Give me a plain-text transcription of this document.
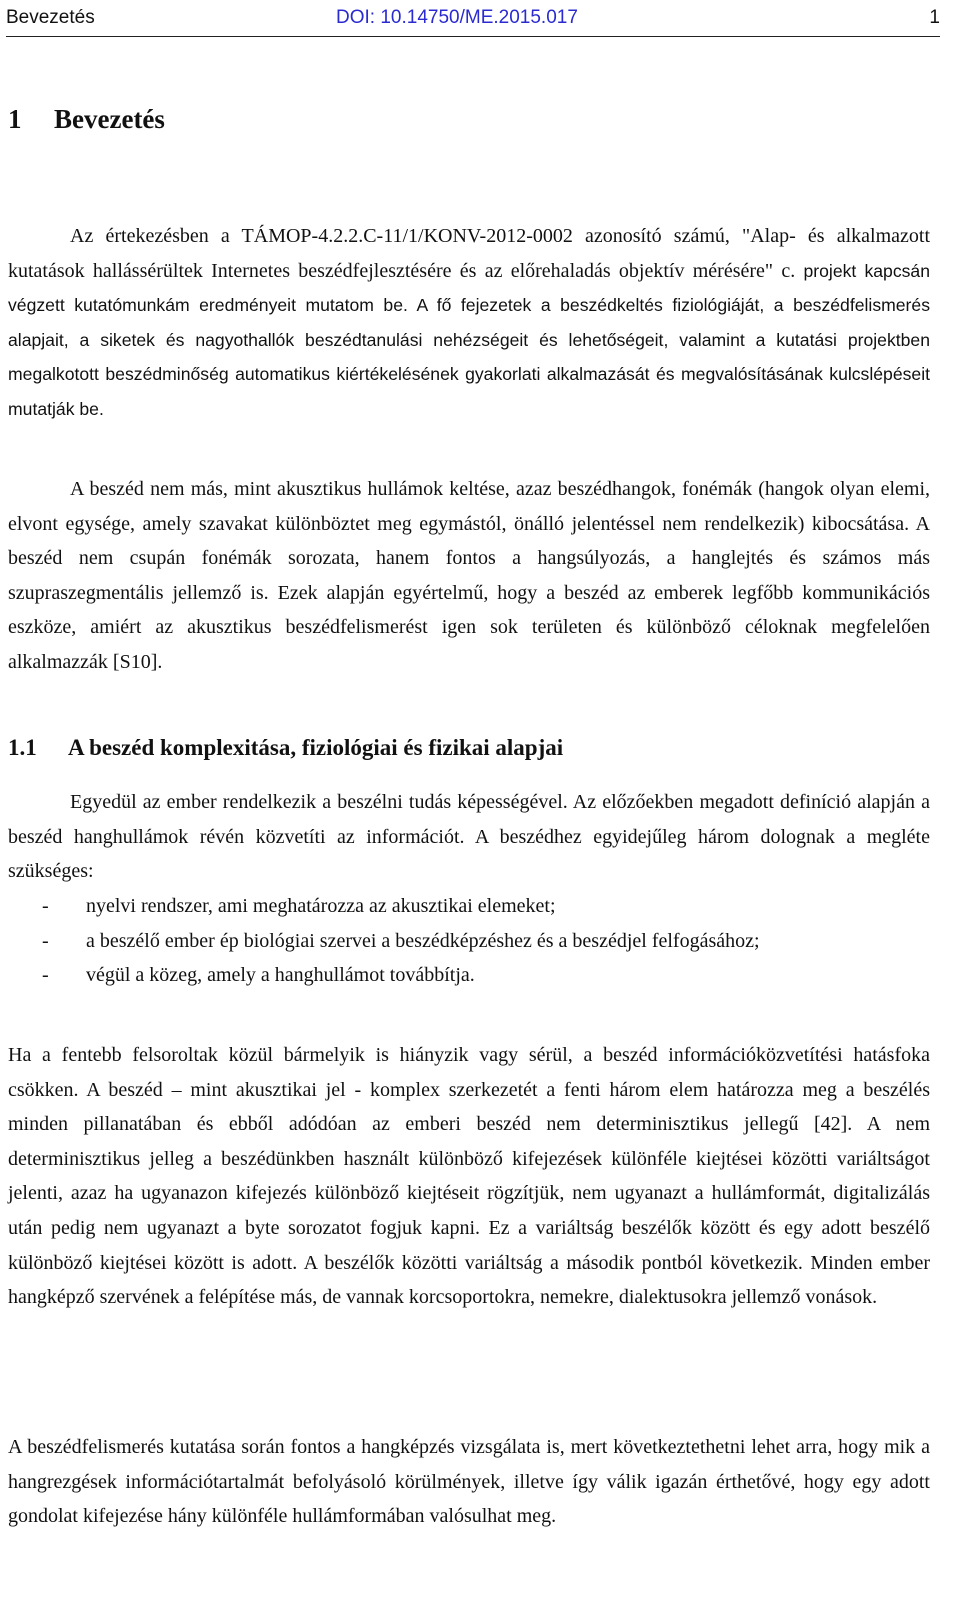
Bevezetés	DOI: 10.14750/ME.2015.017	1
1 Bevezetés

Az értekezésben a TÁMOP-4.2.2.C-11/1/KONV-2012-0002 azonosító számú, "Alap- és alkalmazott kutatások hallássérültek Internetes beszédfejlesztésére és az előrehaladás objektív mérésére" c. projekt kapcsán végzett kutatómunkám eredményeit mutatom be. A fő fejezetek a beszédkeltés fiziológiáját, a beszédfelismerés alapjait, a siketek és nagyothallók beszédtanulási nehézségeit és lehetőségeit, valamint a kutatási projektben megalkotott beszédminőség automatikus kiértékelésének gyakorlati alkalmazását és megvalósításának kulcslépéseit mutatják be.

A beszéd nem más, mint akusztikus hullámok keltése, azaz beszédhangok, fonémák (hangok olyan elemi, elvont egysége, amely szavakat különböztet meg egymástól, önálló jelentéssel nem rendelkezik) kibocsátása. A beszéd nem csupán fonémák sorozata, hanem fontos a hangsúlyozás, a hanglejtés és számos más szupraszegmentális jellemző is. Ezek alapján egyértelmű, hogy a beszéd az emberek legfőbb kommunikációs eszköze, amiért az akusztikus beszédfelismerést igen sok területen és különböző céloknak megfelelően alkalmazzák [S10].

1.1 A beszéd komplexitása, fiziológiai és fizikai alapjai

Egyedül az ember rendelkezik a beszélni tudás képességével. Az előzőekben megadott definíció alapján a beszéd hanghullámok révén közvetíti az információt. A beszédhez egyidejűleg három dolognak a megléte szükséges:

- nyelvi rendszer, ami meghatározza az akusztikai elemeket;
- a beszélő ember ép biológiai szervei a beszédképzéshez és a beszédjel felfogásához;
- végül a közeg, amely a hanghullámot továbbítja.

Ha a fentebb felsoroltak közül bármelyik is hiányzik vagy sérül, a beszéd információközvetítési hatásfoka csökken. A beszéd – mint akusztikai jel - komplex szerkezetét a fenti három elem határozza meg a beszélés minden pillanatában és ebből adódóan az emberi beszéd nem determinisztikus jellegű [42]. A nem determinisztikus jelleg a beszédünkben használt különböző kifejezések különféle kiejtései közötti variáltságot jelenti, azaz ha ugyanazon kifejezés különböző kiejtéseit rögzítjük, nem ugyanazt a hullámformát, digitalizálás után pedig nem ugyanazt a byte sorozatot fogjuk kapni. Ez a variáltság beszélők között és egy adott beszélő különböző kiejtései között is adott. A beszélők közötti variáltság a második pontból következik. Minden ember hangképző szervének a felépítése más, de vannak korcsoportokra, nemekre, dialektusokra jellemző vonások.

A beszédfelismerés kutatása során fontos a hangképzés vizsgálata is, mert következtethetni lehet arra, hogy mik a hangrezgések információtartalmát befolyásoló körülmények, illetve így válik igazán érthetővé, hogy egy adott gondolat kifejezése hány különféle hullámformában valósulhat meg.
